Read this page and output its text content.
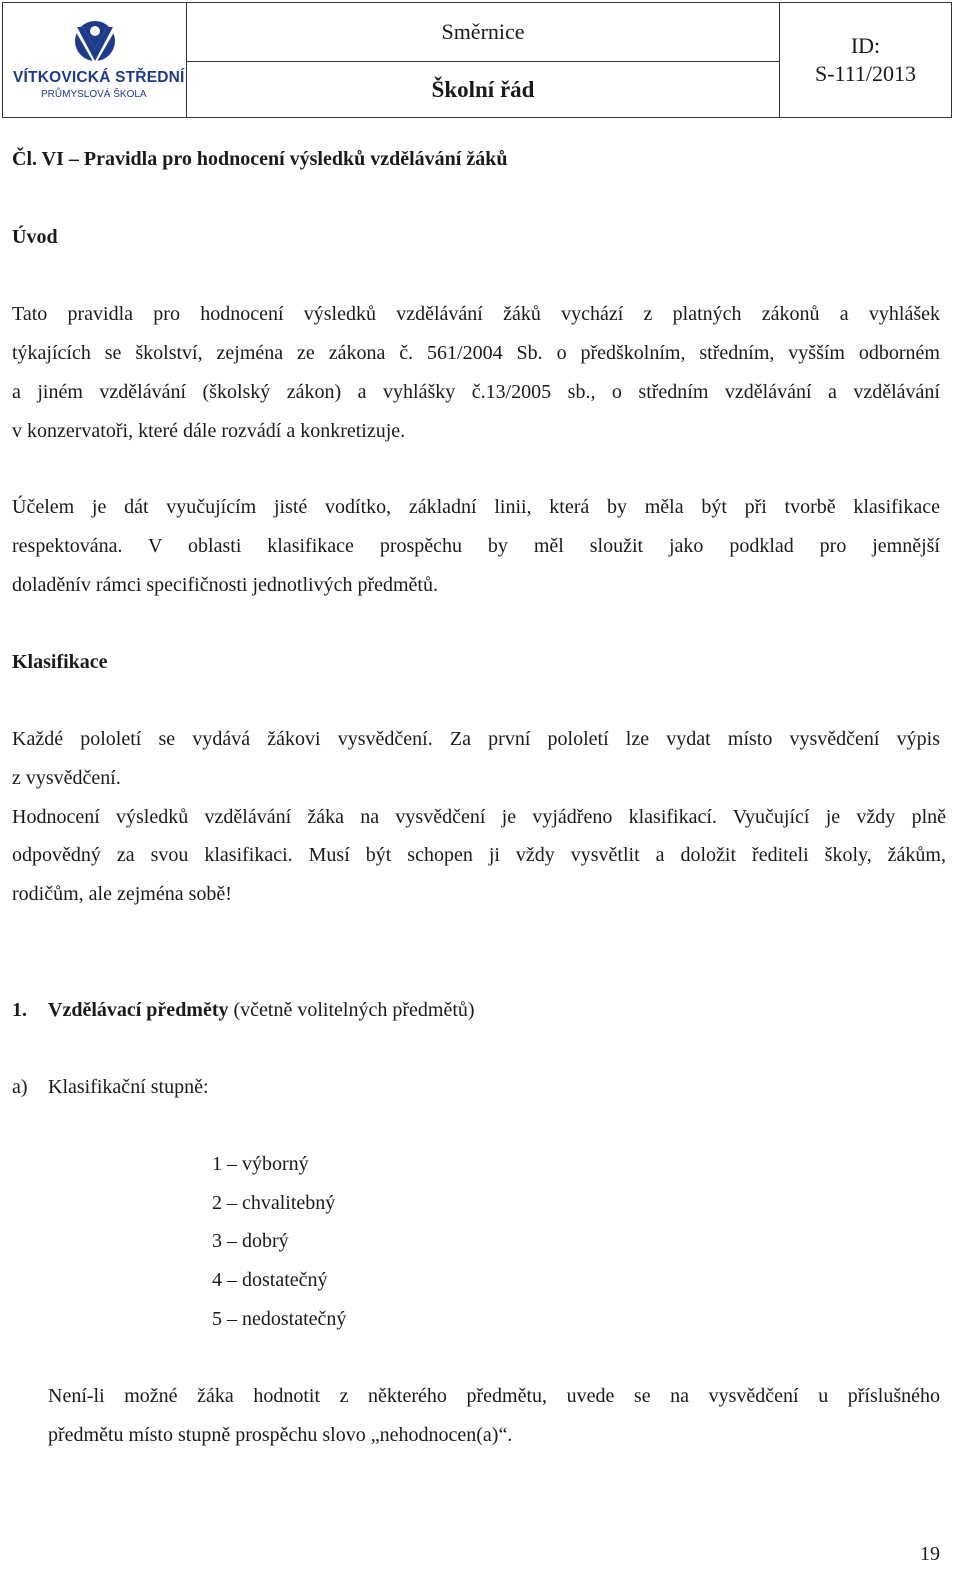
VÍTKOVICKÁ STŘEDNÍ
PRŮMYSLOVÁ ŠKOLA
Směrnice
Školní řád
ID:
S-111/2013
Čl. VI – Pravidla pro hodnocení výsledků vzdělávání žáků
Úvod
Tato pravidla pro hodnocení výsledků vzdělávání žáků vychází z platných zákonů a vyhlášek
týkajících se školství, zejména ze zákona č. 561/2004 Sb. o předškolním, středním, vyšším odborném
a jiném vzdělávání (školský zákon) a vyhlášky č.13/2005 sb., o středním vzdělávání a vzdělávání
v konzervatoři, které dále rozvádí a konkretizuje.
Účelem je dát vyučujícím jisté vodítko, základní linii, která by měla být při tvorbě klasifikace
respektována. V oblasti klasifikace prospěchu by měl sloužit jako podklad pro jemnější
doladěnív rámci specifičnosti jednotlivých předmětů.
Klasifikace
Každé pololetí se vydává žákovi vysvědčení. Za první pololetí lze vydat místo vysvědčení výpis
z vysvědčení.
Hodnocení výsledků vzdělávání žáka na vysvědčení je vyjádřeno klasifikací. Vyučující je vždy plně
odpovědný za svou klasifikaci. Musí být schopen ji vždy vysvětlit a doložit řediteli školy, žákům,
rodičům, ale zejména sobě!
1. Vzdělávací předměty (včetně volitelných předmětů)
a) Klasifikační stupně:
1 – výborný
2 – chvalitebný
3 – dobrý
4 – dostatečný
5 – nedostatečný
Není-li možné žáka hodnotit z některého předmětu, uvede se na vysvědčení u příslušného
předmětu místo stupně prospěchu slovo „nehodnocen(a)“.
19
